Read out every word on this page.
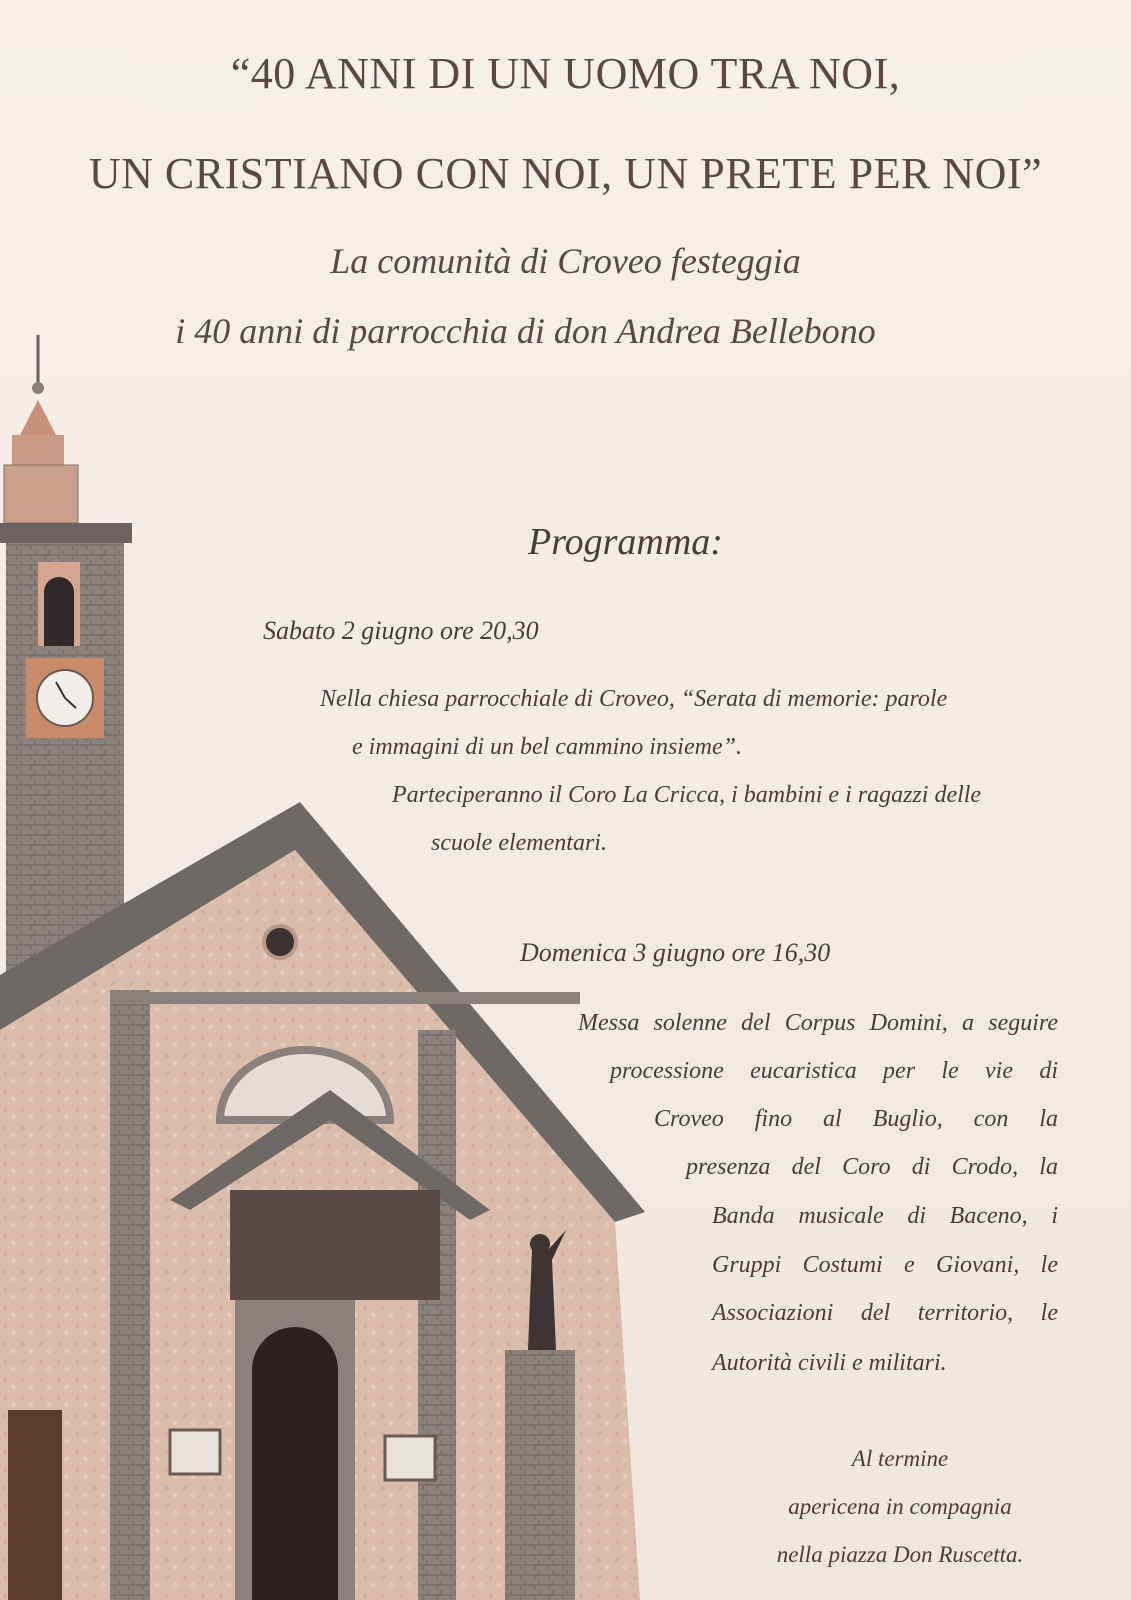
“40 ANNI DI UN UOMO TRA NOI,
UN CRISTIANO CON NOI, UN PRETE PER NOI”
La comunità di Croveo festeggia
i 40 anni di parrocchia di don Andrea Bellebono
Programma:
Sabato 2 giugno ore 20,30
Nella chiesa parrocchiale di Croveo, “Serata di memorie: parole
e immagini di un bel cammino insieme”.
Parteciperanno il Coro La Cricca, i bambini e i ragazzi delle
scuole elementari.
Domenica 3 giugno ore 16,30
Messa solenne del Corpus Domini, a seguire
processione eucaristica per le vie di
Croveo fino al Buglio, con la
presenza del Coro di Crodo, la
Banda musicale di Baceno, i
Gruppi Costumi e Giovani, le
Associazioni del territorio, le
Autorità civili e militari.
Al termine
apericena in compagnia
nella piazza Don Ruscetta.
